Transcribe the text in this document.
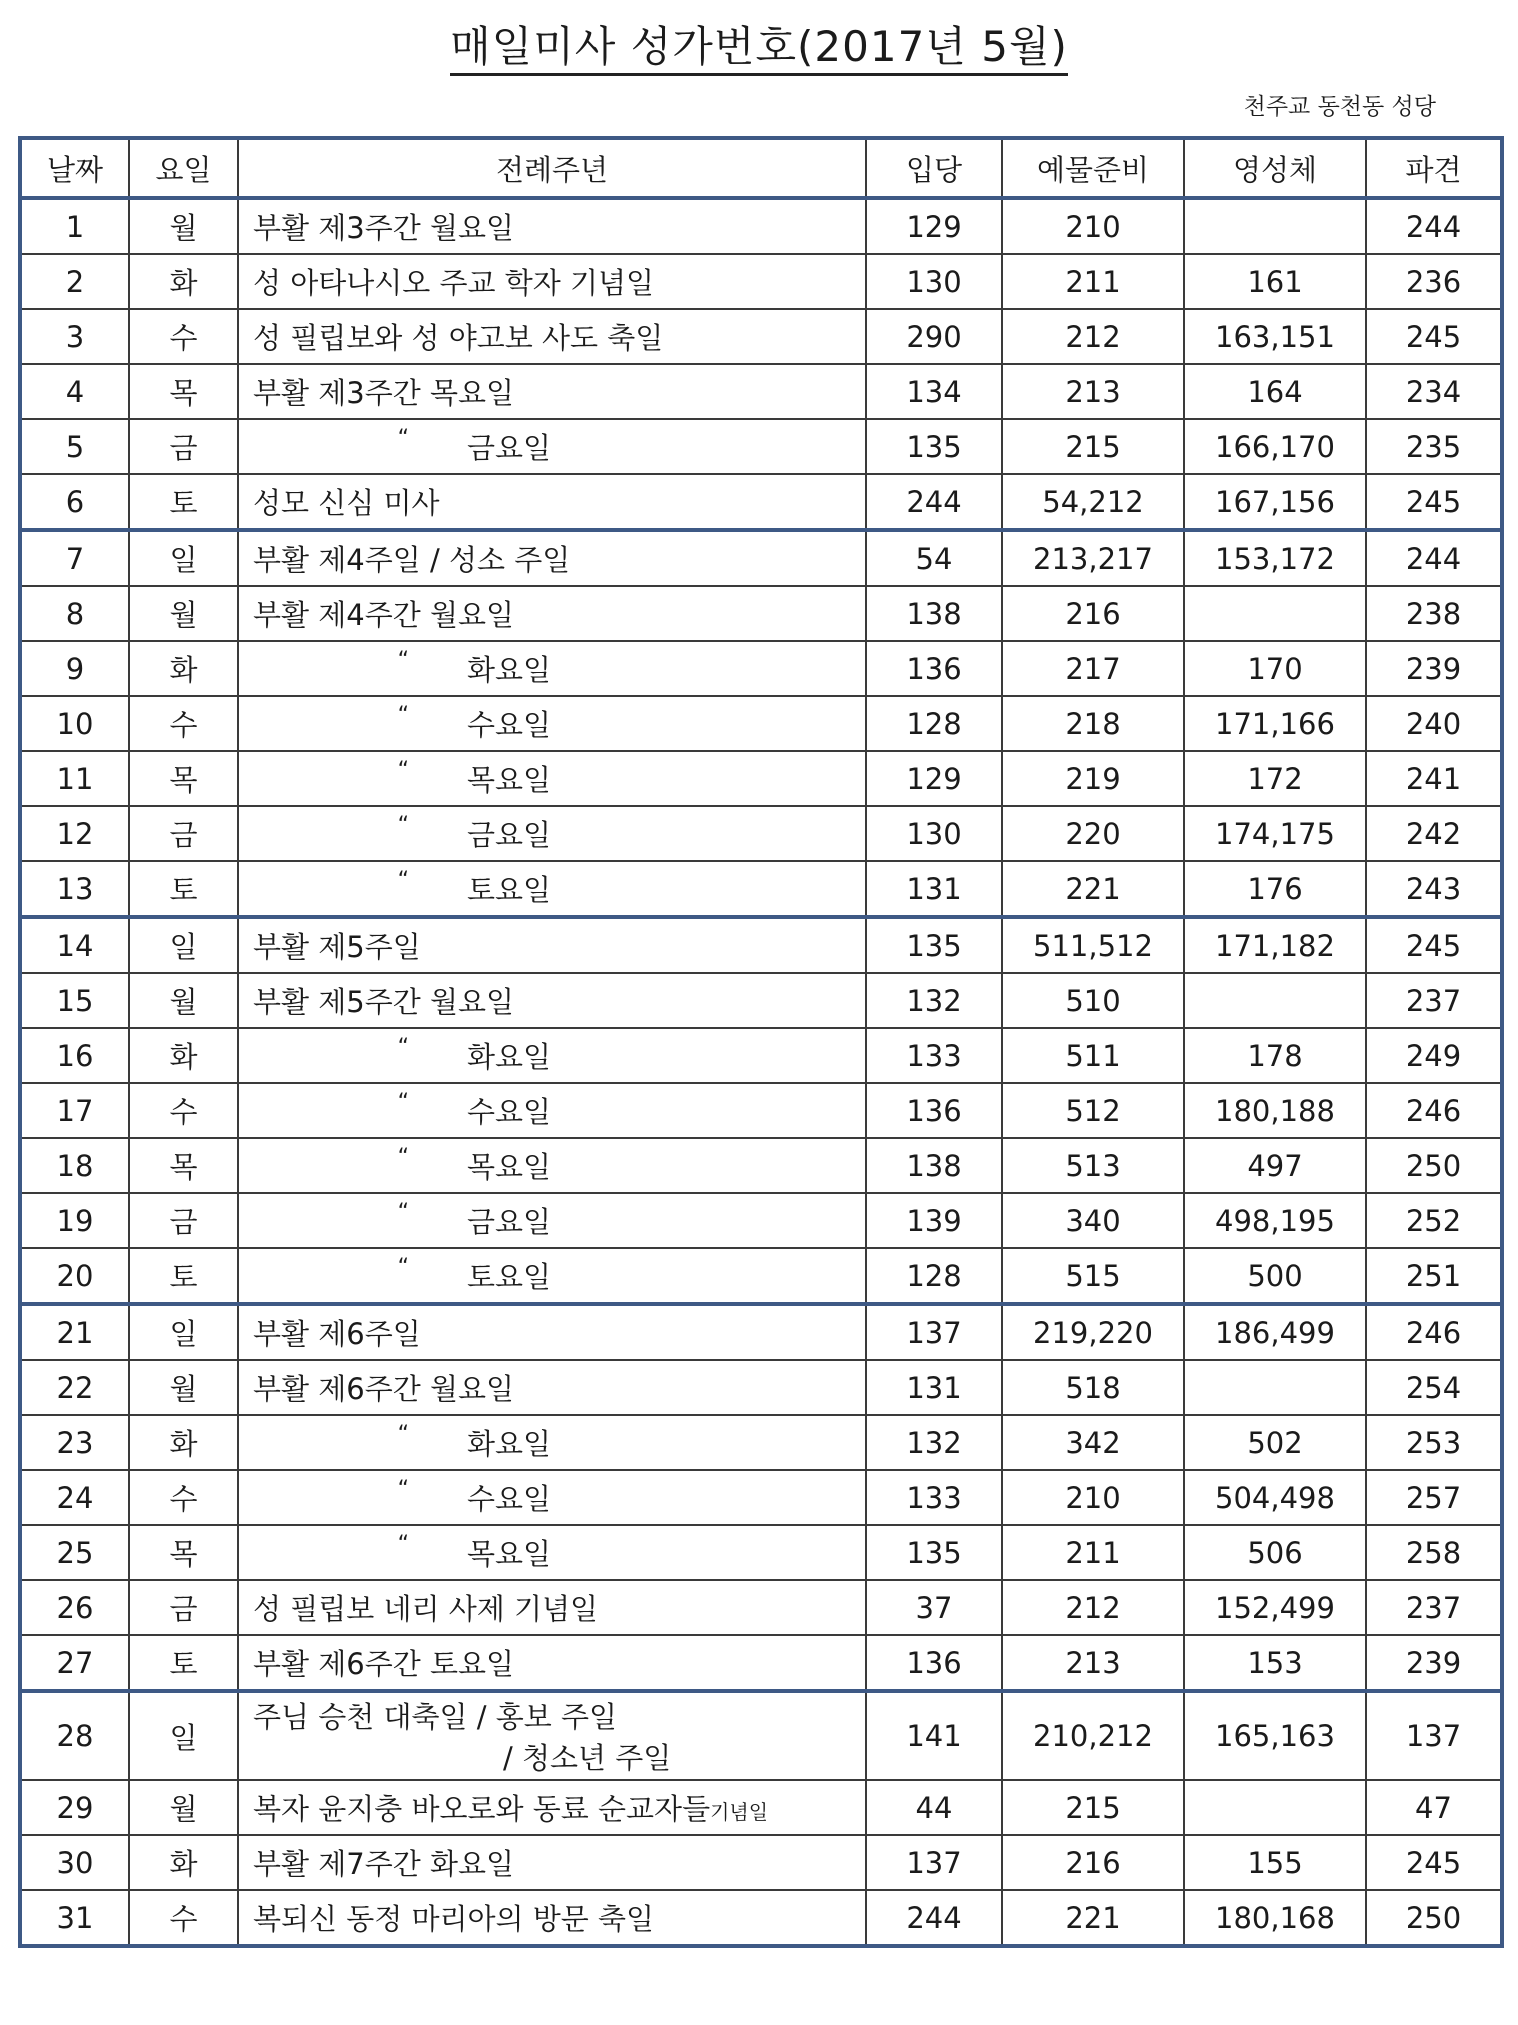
매일미사 성가번호(2017년 5월)
천주교 동천동 성당
날짜	요일	전례주년	입당	예물준비	영성체	파견
1	월	부활 제3주간 월요일	129	210		244
2	화	성 아타나시오 주교 학자 기념일	130	211	161	236
3	수	성 필립보와 성 야고보 사도 축일	290	212	163,151	245
4	목	부활 제3주간 목요일	134	213	164	234
5	금	“ 금요일	135	215	166,170	235
6	토	성모 신심 미사	244	54,212	167,156	245
7	일	부활 제4주일 / 성소 주일	54	213,217	153,172	244
8	월	부활 제4주간 월요일	138	216		238
9	화	“ 화요일	136	217	170	239
10	수	“ 수요일	128	218	171,166	240
11	목	“ 목요일	129	219	172	241
12	금	“ 금요일	130	220	174,175	242
13	토	“ 토요일	131	221	176	243
14	일	부활 제5주일	135	511,512	171,182	245
15	월	부활 제5주간 월요일	132	510		237
16	화	“ 화요일	133	511	178	249
17	수	“ 수요일	136	512	180,188	246
18	목	“ 목요일	138	513	497	250
19	금	“ 금요일	139	340	498,195	252
20	토	“ 토요일	128	515	500	251
21	일	부활 제6주일	137	219,220	186,499	246
22	월	부활 제6주간 월요일	131	518		254
23	화	“ 화요일	132	342	502	253
24	수	“ 수요일	133	210	504,498	257
25	목	“ 목요일	135	211	506	258
26	금	성 필립보 네리 사제 기념일	37	212	152,499	237
27	토	부활 제6주간 토요일	136	213	153	239
28	일	주님 승천 대축일 / 홍보 주일
/ 청소년 주일	141	210,212	165,163	137
29	월	복자 윤지충 바오로와 동료 순교자들기념일	44	215		47
30	화	부활 제7주간 화요일	137	216	155	245
31	수	복되신 동정 마리아의 방문 축일	244	221	180,168	250
